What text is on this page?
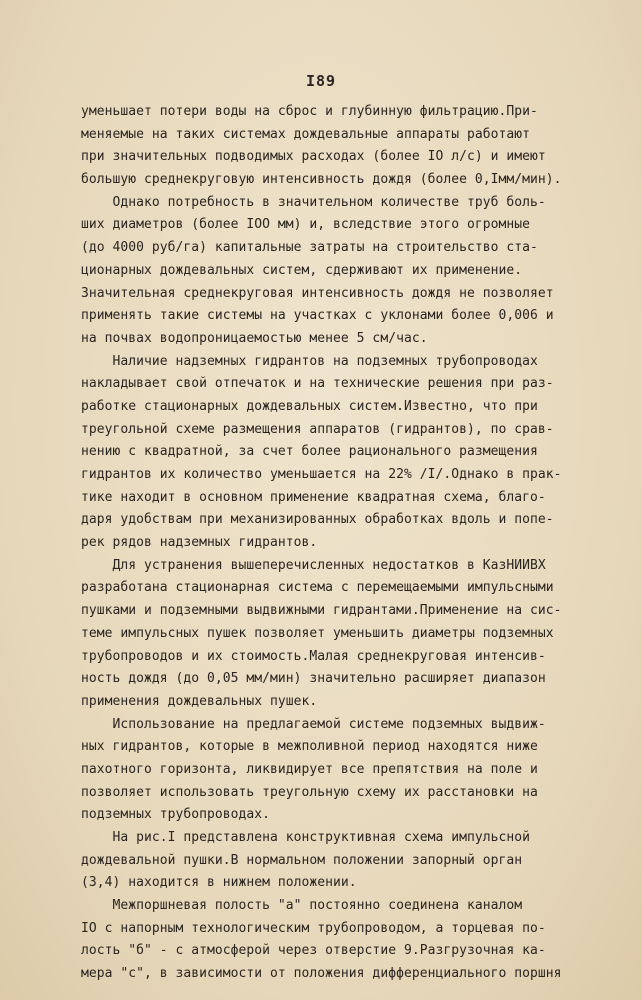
I89
уменьшает потери воды на сброс и глубинную фильтрацию.При-
меняемые на таких системах дождевальные аппараты работают
при значительных подводимых расходах (более IO л/с) и имеют
большую среднекруговую интенсивность дождя (более 0,Iмм/мин).
Однако потребность в значительном количестве труб боль-
ших диаметров (более IOO мм) и, вследствие этого огромные
(до 4000 руб/га) капитальные затраты на строительство ста-
ционарных дождевальных систем, сдерживают их применение.
Значительная среднекруговая интенсивность дождя не позволяет
применять такие системы на участках с уклонами более 0,006 и
на почвах водопроницаемостью менее 5 см/час.
Наличие надземных гидрантов на подземных трубопроводах
накладывает свой отпечаток и на технические решения при раз-
работке стационарных дождевальных систем.Известно, что при
треугольной схеме размещения аппаратов (гидрантов), по срав-
нению с квадратной, за счет более рационального размещения
гидрантов их количество уменьшается на 22% /I/.Однако в прак-
тике находит в основном применение квадратная схема, благо-
даря удобствам при механизированных обработках вдоль и попе-
рек рядов надземных гидрантов.
Для устранения вышеперечисленных недостатков в КазНИИВХ
разработана стационарная система с перемещаемыми импульсными
пушками и подземными выдвижными гидрантами.Применение на сис-
теме импульсных пушек позволяет уменьшить диаметры подземных
трубопроводов и их стоимость.Малая среднекруговая интенсив-
ность дождя (до 0,05 мм/мин) значительно расширяет диапазон
применения дождевальных пушек.
Использование на предлагаемой системе подземных выдвиж-
ных гидрантов, которые в межполивной период находятся ниже
пахотного горизонта, ликвидирует все препятствия на поле и
позволяет использовать треугольную схему их расстановки на
подземных трубопроводах.
На рис.I представлена конструктивная схема импульсной
дождевальной пушки.В нормальном положении запорный орган
(3,4) находится в нижнем положении.
Межпоршневая полость "а" постоянно соединена каналом
IO с напорным технологическим трубопроводом, а торцевая по-
лость "б" - с атмосферой через отверстие 9.Разгрузочная ка-
мера "с", в зависимости от положения дифференциального поршня
